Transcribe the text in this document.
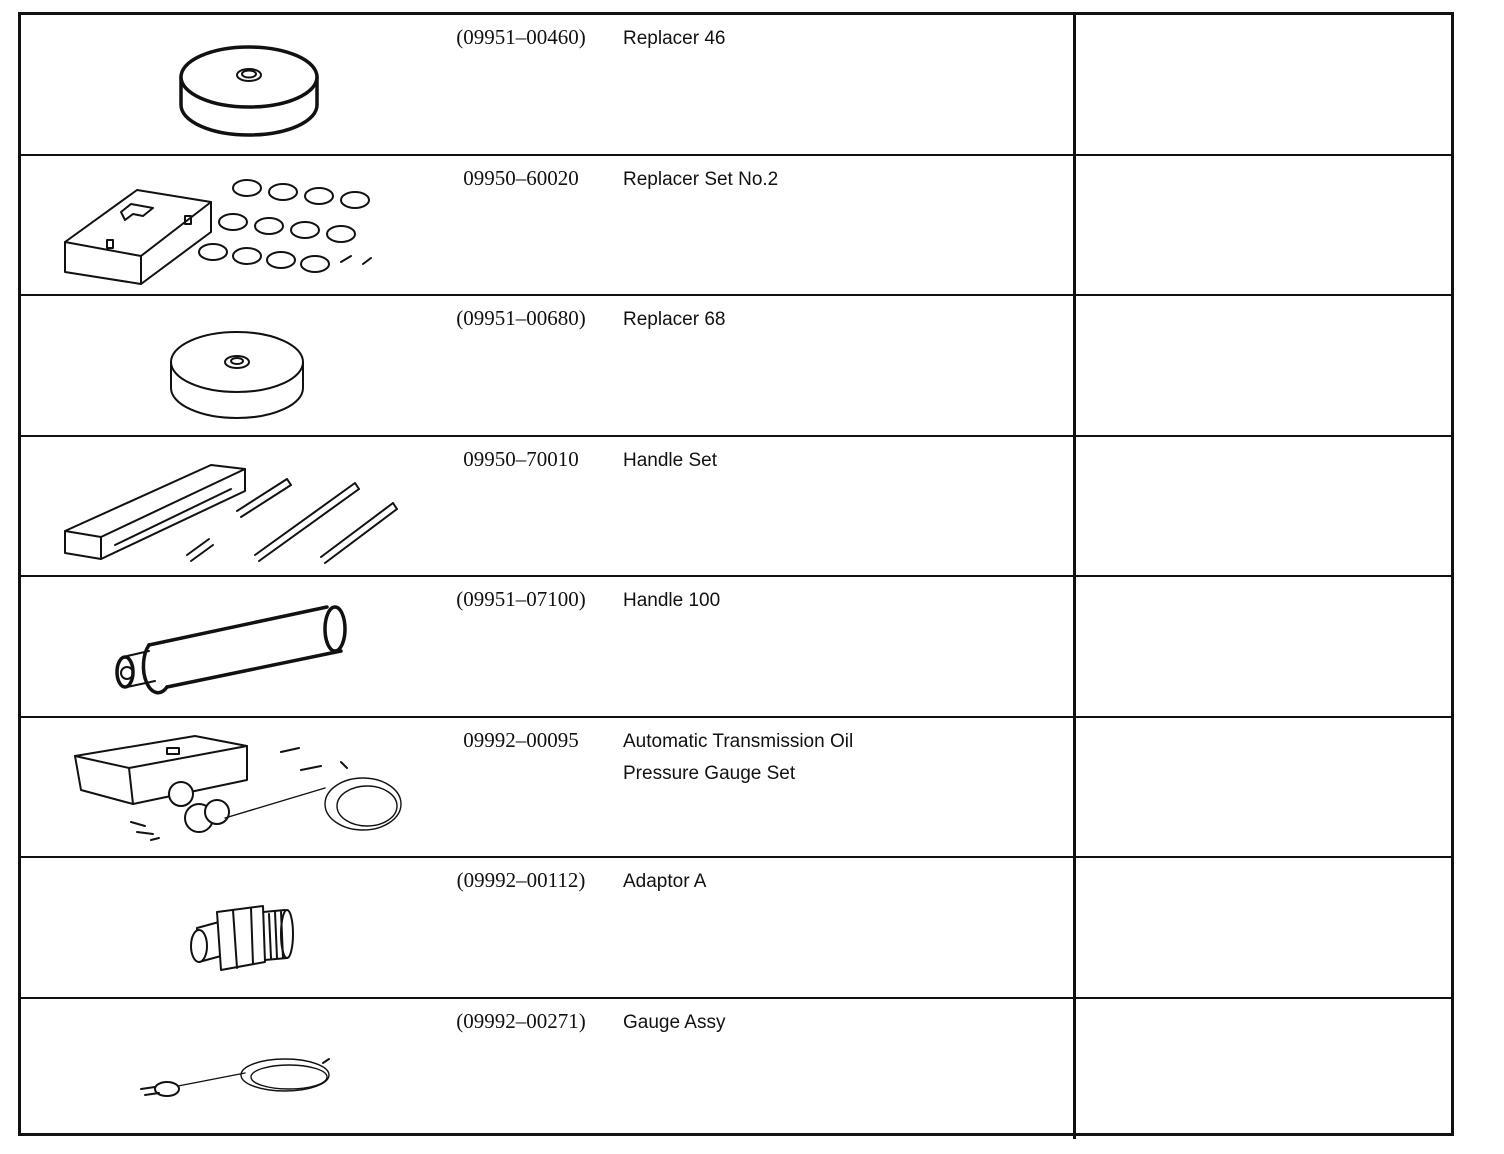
(09951–00460)	Replacer 46
09950–60020	Replacer Set No.2
(09951–00680)	Replacer 68
09950–70010	Handle Set
(09951–07100)	Handle 100
09992–00095	Automatic Transmission Oil
Pressure Gauge Set
(09992–00112)	Adaptor A
(09992–00271)	Gauge Assy
